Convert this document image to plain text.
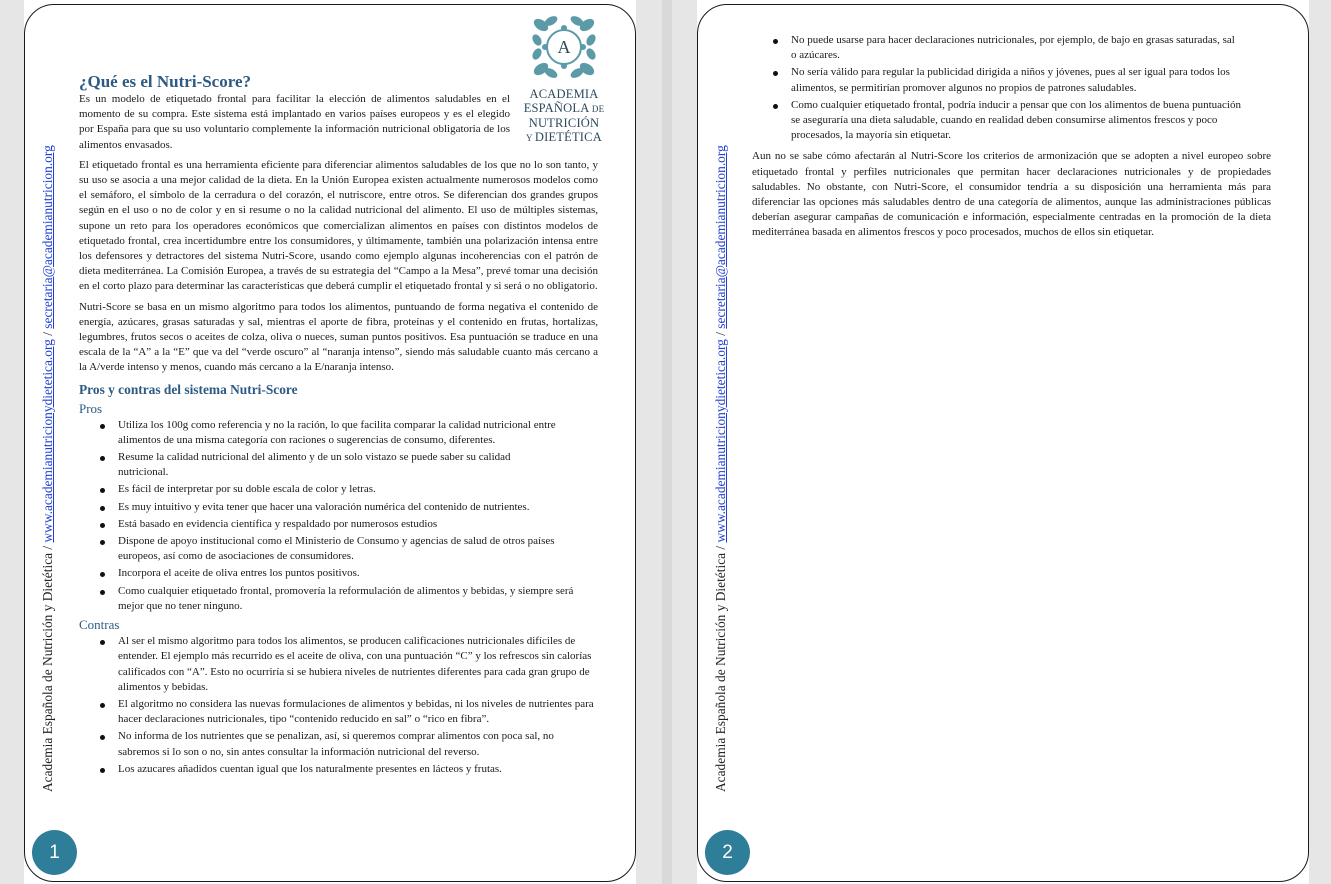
Academia Española de Nutrición y Dietética / www.academianutricionydietetica.org / secretaria@academianutricion.org
A
ACADEMIA
ESPAÑOLA DE
NUTRICIÓN
Y DIETÉTICA
¿Qué es el Nutri-Score?

Es un modelo de etiquetado frontal para facilitar la elección de alimentos saludables en el momento de su compra. Este sistema está implantado en varios países europeos y es el elegido por España para que su uso voluntario complemente la información nutricional obligatoria de los alimentos envasados.

El etiquetado frontal es una herramienta eficiente para diferenciar alimentos saludables de los que no lo son tanto, y su uso se asocia a una mejor calidad de la dieta. En la Unión Europea existen actualmente numerosos modelos como el semáforo, el símbolo de la cerradura o del corazón, el nutriscore, entre otros. Se diferencian dos grandes grupos según en el uso o no de color y en si resume o no la calidad nutricional del alimento. El uso de múltiples sistemas, supone un reto para los operadores económicos que comercializan alimentos en países con distintos modelos de etiquetado frontal, crea incertidumbre entre los consumidores, y últimamente, también una polarización intensa entre los defensores y detractores del sistema Nutri-Score, usando como ejemplo algunas incoherencias con el patrón de dieta mediterránea. La Comisión Europea, a través de su estrategia del “Campo a la Mesa”, prevé tomar una decisión en el corto plazo para determinar las características que deberá cumplir el etiquetado frontal y si será o no obligatorio.

Nutri-Score se basa en un mismo algoritmo para todos los alimentos, puntuando de forma negativa el contenido de energía, azúcares, grasas saturadas y sal, mientras el aporte de fibra, proteínas y el contenido en frutas, hortalizas, legumbres, frutos secos o aceites de colza, oliva o nueces, suman puntos positivos. Esa puntuación se traduce en una escala de la “A” a la “E” que va del “verde oscuro” al “naranja intenso”, siendo más saludable cuanto más cercano a la A/verde intenso y menos, cuando más cercano a la E/naranja intenso.

Pros y contras del sistema Nutri-Score
Pros
Utiliza los 100g como referencia y no la ración, lo que facilita comparar la calidad nutricional entre alimentos de una misma categoría con raciones o sugerencias de consumo, diferentes.
Resume la calidad nutricional del alimento y de un solo vistazo se puede saber su calidad nutricional.
Es fácil de interpretar por su doble escala de color y letras.
Es muy intuitivo y evita tener que hacer una valoración numérica del contenido de nutrientes.
Está basado en evidencia científica y respaldado por numerosos estudios
Dispone de apoyo institucional como el Ministerio de Consumo y agencias de salud de otros países europeos, así como de asociaciones de consumidores.
Incorpora el aceite de oliva entres los puntos positivos.
Como cualquier etiquetado frontal, promovería la reformulación de alimentos y bebidas, y siempre será mejor que no tener ninguno.
Contras
Al ser el mismo algoritmo para todos los alimentos, se producen calificaciones nutricionales difíciles de entender. El ejemplo más recurrido es el aceite de oliva, con una puntuación “C” y los refrescos sin calorías calificados con “A”. Esto no ocurriría si se hubiera niveles de nutrientes diferentes para cada gran grupo de alimentos y bebidas.
El algoritmo no considera las nuevas formulaciones de alimentos y bebidas, ni los niveles de nutrientes para hacer declaraciones nutricionales, tipo “contenido reducido en sal” o “rico en fibra”.
No informa de los nutrientes que se penalizan, así, si queremos comprar alimentos con poca sal, no sabremos si lo son o no, sin antes consultar la información nutricional del reverso.
Los azucares añadidos cuentan igual que los naturalmente presentes en lácteos y frutas.
1
Academia Española de Nutrición y Dietética / www.academianutricionydietetica.org / secretaria@academianutricion.org
No puede usarse para hacer declaraciones nutricionales, por ejemplo, de bajo en grasas saturadas, sal o azúcares.
No sería válido para regular la publicidad dirigida a niños y jóvenes, pues al ser igual para todos los alimentos, se permitirían promover algunos no propios de patrones saludables.
Como cualquier etiquetado frontal, podría inducir a pensar que con los alimentos de buena puntuación se aseguraría una dieta saludable, cuando en realidad deben consumirse alimentos frescos y poco procesados, la mayoría sin etiquetar.

Aun no se sabe cómo afectarán al Nutri-Score los criterios de armonización que se adopten a nivel europeo sobre etiquetado frontal y perfiles nutricionales que permitan hacer declaraciones nutricionales y de propiedades saludables. No obstante, con Nutri-Score, el consumidor tendría a su disposición una herramienta más para diferenciar las opciones más saludables dentro de una categoría de alimentos, aunque las administraciones públicas deberían asegurar campañas de comunicación e información, especialmente centradas en la promoción de la dieta mediterránea basada en alimentos frescos y poco procesados, muchos de ellos sin etiquetar.

2
